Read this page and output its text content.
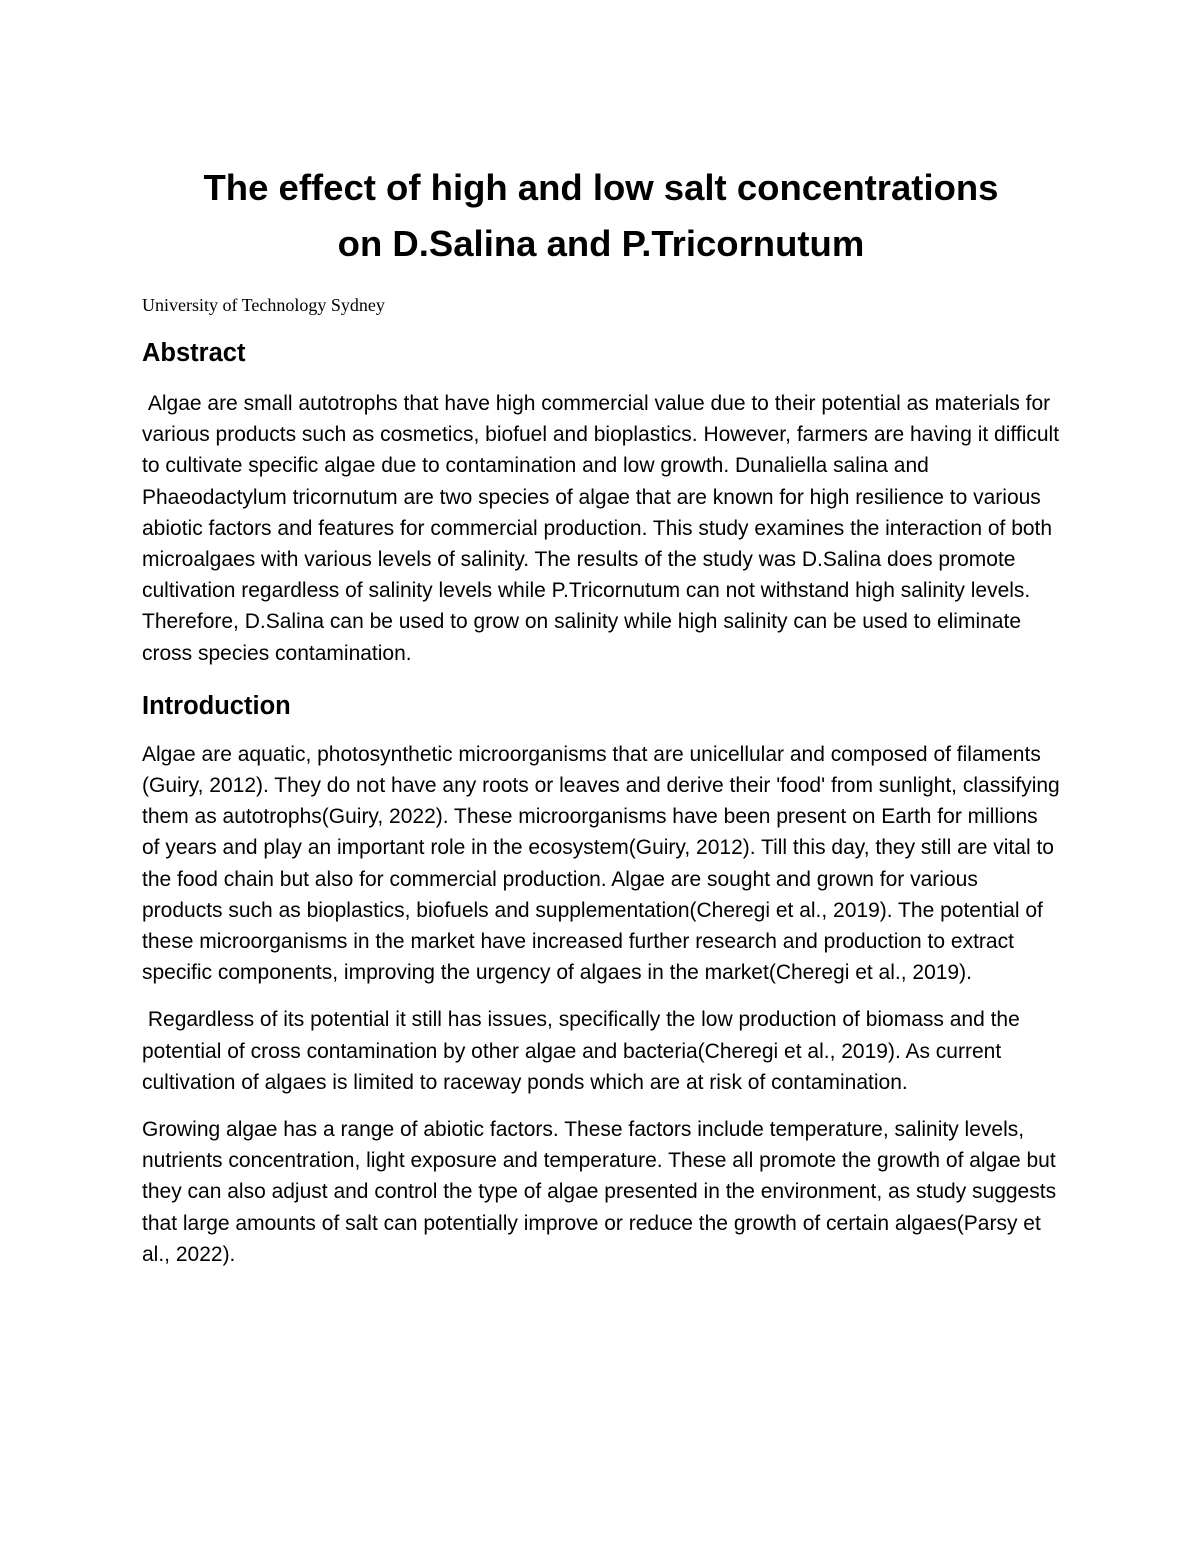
The effect of high and low salt concentrations
on D.Salina and P.Tricornutum

University of Technology Sydney

Abstract

Algae are small autotrophs that have high commercial value due to their potential as materials for various products such as cosmetics, biofuel and bioplastics. However, farmers are having it difficult to cultivate specific algae due to contamination and low growth. Dunaliella salina and Phaeodactylum tricornutum are two species of algae that are known for high resilience to various abiotic factors and features for commercial production. This study examines the interaction of both microalgaes with various levels of salinity. The results of the study was D.Salina does promote cultivation regardless of salinity levels while P.Tricornutum can not withstand high salinity levels. Therefore, D.Salina can be used to grow on salinity while high salinity can be used to eliminate cross species contamination.

Introduction

Algae are aquatic, photosynthetic microorganisms that are unicellular and composed of filaments (Guiry, 2012). They do not have any roots or leaves and derive their 'food' from sunlight, classifying them as autotrophs(Guiry, 2022). These microorganisms have been present on Earth for millions of years and play an important role in the ecosystem(Guiry, 2012). Till this day, they still are vital to the food chain but also for commercial production. Algae are sought and grown for various products such as bioplastics, biofuels and supplementation(Cheregi et al., 2019). The potential of these microorganisms in the market have increased further research and production to extract specific components, improving the urgency of algaes in the market(Cheregi et al., 2019).

Regardless of its potential it still has issues, specifically the low production of biomass and the potential of cross contamination by other algae and bacteria(Cheregi et al., 2019). As current cultivation of algaes is limited to raceway ponds which are at risk of contamination.

Growing algae has a range of abiotic factors. These factors include temperature, salinity levels, nutrients concentration, light exposure and temperature. These all promote the growth of algae but they can also adjust and control the type of algae presented in the environment, as study suggests that large amounts of salt can potentially improve or reduce the growth of certain algaes(Parsy et al., 2022).
